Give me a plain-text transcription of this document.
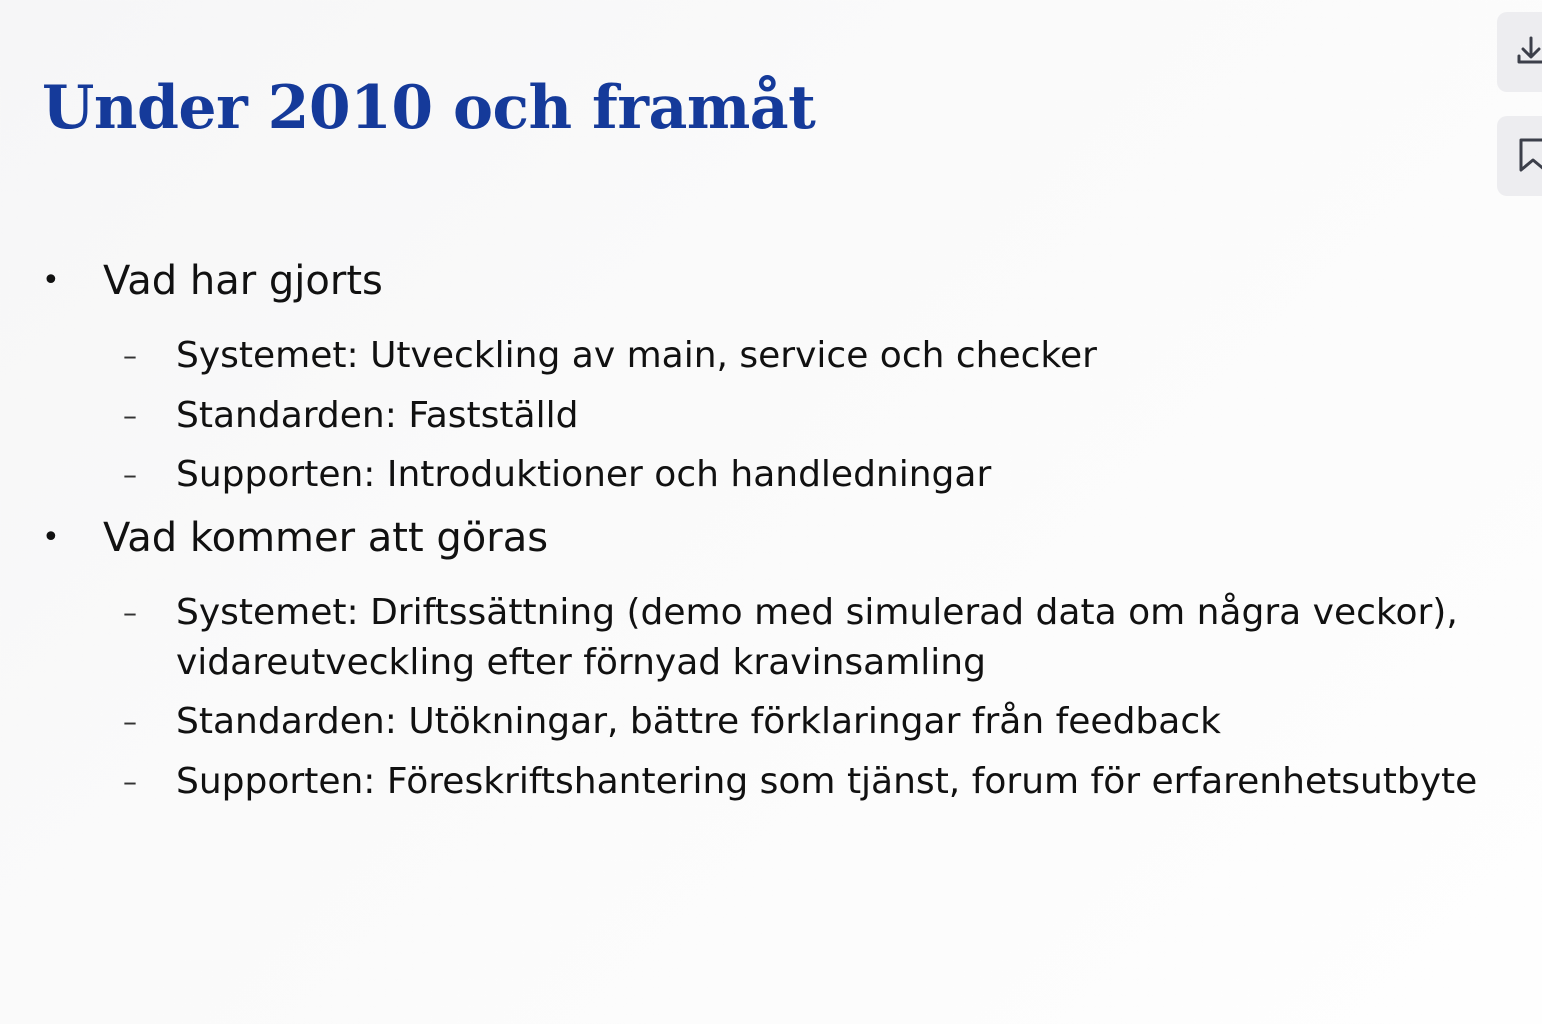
Under 2010 och framåt
• Vad har gjorts

– Systemet: Utveckling av main, service och checker

– Standarden: Fastställd

– Supporten: Introduktioner och handledningar

• Vad kommer att göras

– Systemet: Driftssättning (demo med simulerad data om några veckor), vidareutveckling efter förnyad kravinsamling

– Standarden: Utökningar, bättre förklaringar från feedback

– Supporten: Föreskriftshantering som tjänst, forum för erfarenhetsutbyte
